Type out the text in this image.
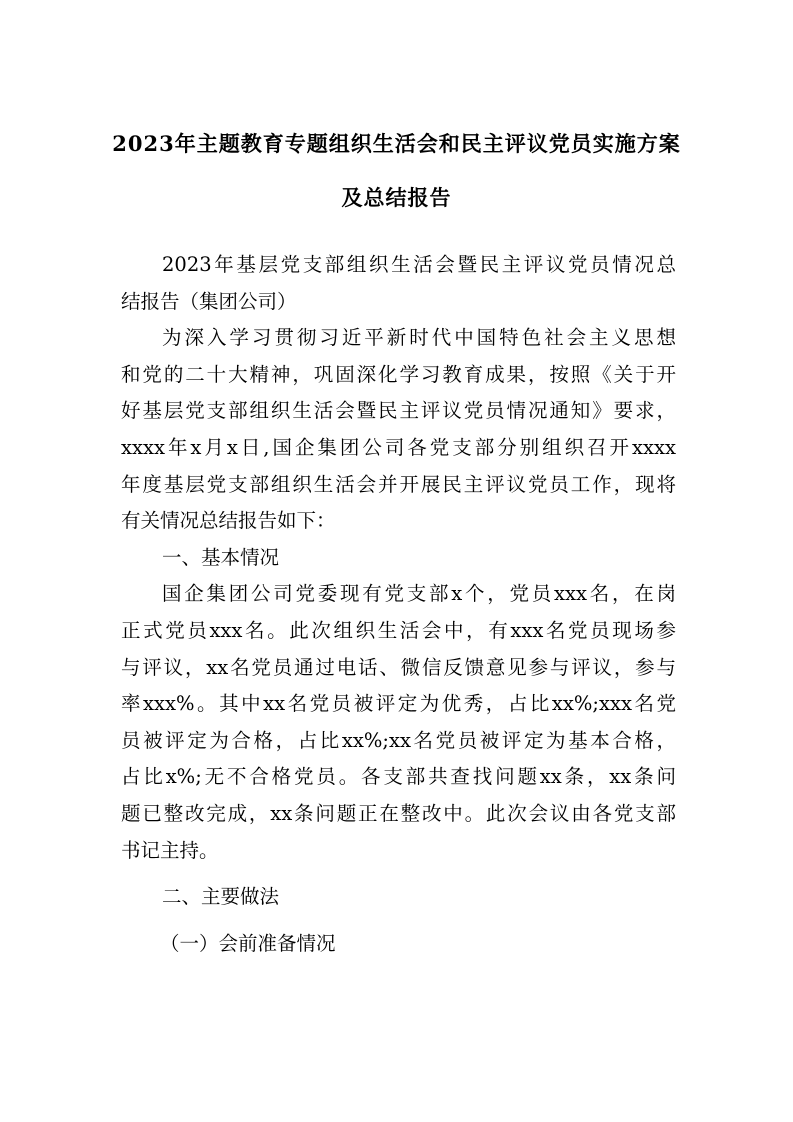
2023年主题教育专题组织生活会和民主评议党员实施方案
及总结报告
2023年基层党支部组织生活会暨民主评议党员情况总
结报告（集团公司）
为深入学习贯彻习近平新时代中国特色社会主义思想
和党的二十大精神，巩固深化学习教育成果，按照《关于开
好基层党支部组织生活会暨民主评议党员情况通知》要求，
xxxx年x月x日,国企集团公司各党支部分别组织召开xxxx
年度基层党支部组织生活会并开展民主评议党员工作，现将
有关情况总结报告如下：
一、基本情况
国企集团公司党委现有党支部x个，党员xxx名，在岗
正式党员xxx名。此次组织生活会中，有xxx名党员现场参
与评议，xx名党员通过电话、微信反馈意见参与评议，参与
率xxx%。其中xx名党员被评定为优秀，占比xx%;xxx名党
员被评定为合格，占比xx%;xx名党员被评定为基本合格，
占比x%;无不合格党员。各支部共查找问题xx条，xx条问
题已整改完成，xx条问题正在整改中。此次会议由各党支部
书记主持。
二、主要做法
（一）会前准备情况
